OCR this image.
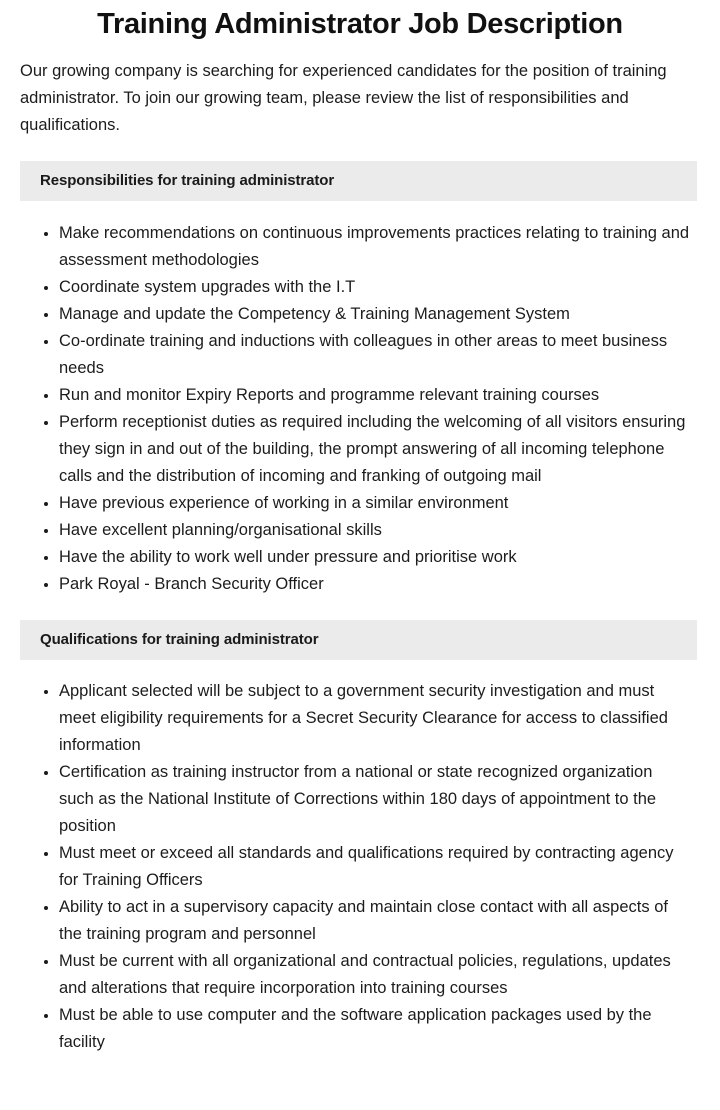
Training Administrator Job Description

Our growing company is searching for experienced candidates for the position of training administrator. To join our growing team, please review the list of responsibilities and qualifications.

Responsibilities for training administrator
Make recommendations on continuous improvements practices relating to training and assessment methodologies
Coordinate system upgrades with the I.T
Manage and update the Competency & Training Management System
Co-ordinate training and inductions with colleagues in other areas to meet business needs
Run and monitor Expiry Reports and programme relevant training courses
Perform receptionist duties as required including the welcoming of all visitors ensuring they sign in and out of the building, the prompt answering of all incoming telephone calls and the distribution of incoming and franking of outgoing mail
Have previous experience of working in a similar environment
Have excellent planning/organisational skills
Have the ability to work well under pressure and prioritise work
Park Royal - Branch Security Officer
Qualifications for training administrator
Applicant selected will be subject to a government security investigation and must meet eligibility requirements for a Secret Security Clearance for access to classified information
Certification as training instructor from a national or state recognized organization such as the National Institute of Corrections within 180 days of appointment to the position
Must meet or exceed all standards and qualifications required by contracting agency for Training Officers
Ability to act in a supervisory capacity and maintain close contact with all aspects of the training program and personnel
Must be current with all organizational and contractual policies, regulations, updates and alterations that require incorporation into training courses
Must be able to use computer and the software application packages used by the facility
